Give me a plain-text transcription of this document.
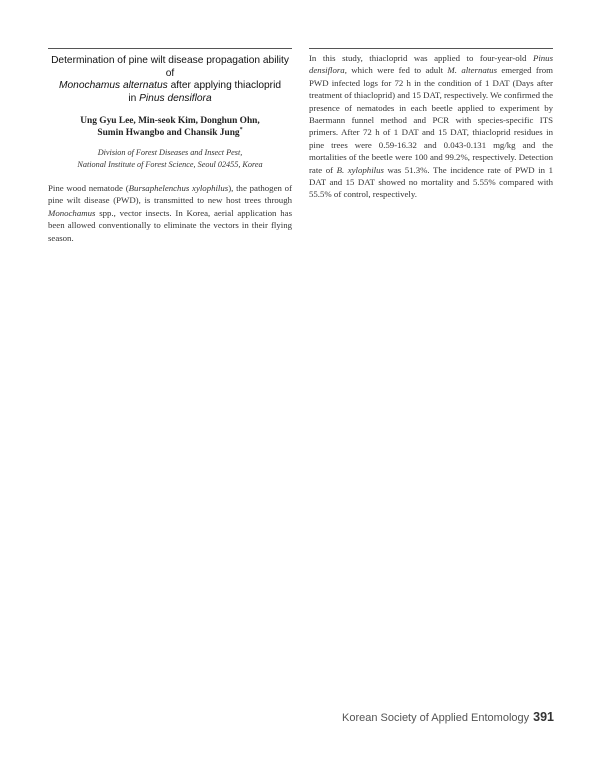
Determination of pine wilt disease propagation ability of
Monochamus alternatus after applying thiacloprid
in Pinus densiflora
Ung Gyu Lee, Min-seok Kim, Donghun Ohn,
Sumin Hwangbo and Chansik Jung*
Division of Forest Diseases and Insect Pest,
National Institute of Forest Science, Seoul 02455, Korea

Pine wood nematode (Bursaphelenchus xylophilus), the pathogen of pine wilt disease (PWD), is transmitted to new host trees through Monochamus spp., vector insects. In Korea, aerial application has been allowed conventionally to eliminate the vectors in their flying season.

In this study, thiacloprid was applied to four-year-old Pinus densiflora, which were fed to adult M. alternatus emerged from PWD infected logs for 72 h in the condition of 1 DAT (Days after treatment of thiacloprid) and 15 DAT, respectively. We confirmed the presence of nematodes in each beetle applied to experiment by Baermann funnel method and PCR with species-specific ITS primers. After 72 h of 1 DAT and 15 DAT, thiacloprid residues in pine trees were 0.59-16.32 and 0.043-0.131 mg/kg and the mortalities of the beetle were 100 and 99.2%, respectively. Detection rate of B. xylophilus was 51.3%. The incidence rate of PWD in 1 DAT and 15 DAT showed no mortality and 5.55% compared with 55.5% of control, respectively.

Korean Society of Applied Entomology 391
